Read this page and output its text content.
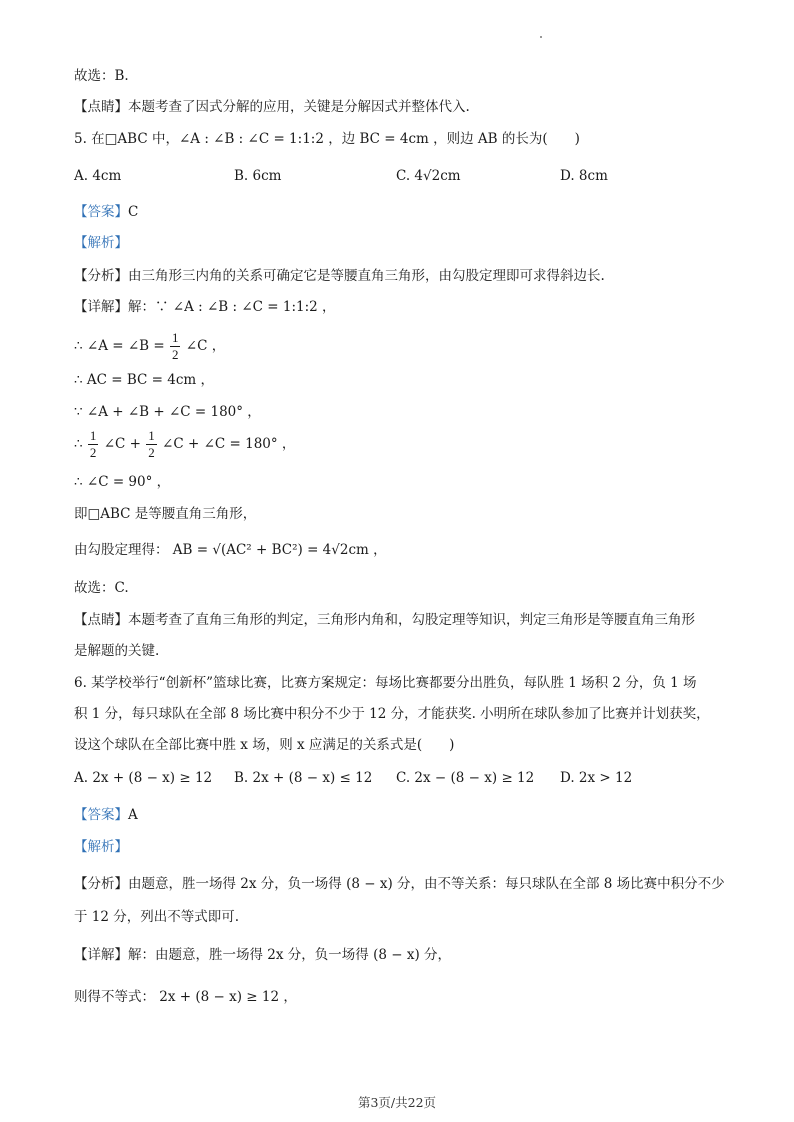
故选：B.
【点睛】本题考查了因式分解的应用，关键是分解因式并整体代入.
5. 在□ABC 中，∠A : ∠B : ∠C = 1:1:2 ，边 BC = 4cm ，则边 AB 的长为(　　)
A. 4cm	B. 6cm	C. 4√2cm	D. 8cm
【答案】C
【解析】
【分析】由三角形三内角的关系可确定它是等腰直角三角形，由勾股定理即可求得斜边长.
【详解】解：∵ ∠A : ∠B : ∠C = 1:1:2 ，
∴ ∠A = ∠B = $\frac{1}{2}$ ∠C ，
∴ AC = BC = 4cm ，
∵ ∠A + ∠B + ∠C = 180° ，
∴ $\frac{1}{2}$ ∠C + $\frac{1}{2}$ ∠C + ∠C = 180° ，
∴ ∠C = 90° ，
即□ABC 是等腰直角三角形，
由勾股定理得： AB = √(AC² + BC²) = 4√2cm ，
故选：C.
【点睛】本题考查了直角三角形的判定，三角形内角和，勾股定理等知识，判定三角形是等腰直角三角形
是解题的关键.
6. 某学校举行“创新杯”篮球比赛，比赛方案规定：每场比赛都要分出胜负，每队胜 1 场积 2 分，负 1 场
积 1 分，每只球队在全部 8 场比赛中积分不少于 12 分，才能获奖. 小明所在球队参加了比赛并计划获奖，
设这个球队在全部比赛中胜 x 场，则 x 应满足的关系式是(　　)
A. 2x + (8 − x) ≥ 12 B. 2x + (8 − x) ≤ 12 C. 2x − (8 − x) ≥ 12 D. 2x > 12
【答案】A
【解析】
【分析】由题意，胜一场得 2x 分，负一场得 (8 − x) 分，由不等关系：每只球队在全部 8 场比赛中积分不少
于 12 分，列出不等式即可.
【详解】解：由题意，胜一场得 2x 分，负一场得 (8 − x) 分，
则得不等式： 2x + (8 − x) ≥ 12 ，
第3页/共22页
